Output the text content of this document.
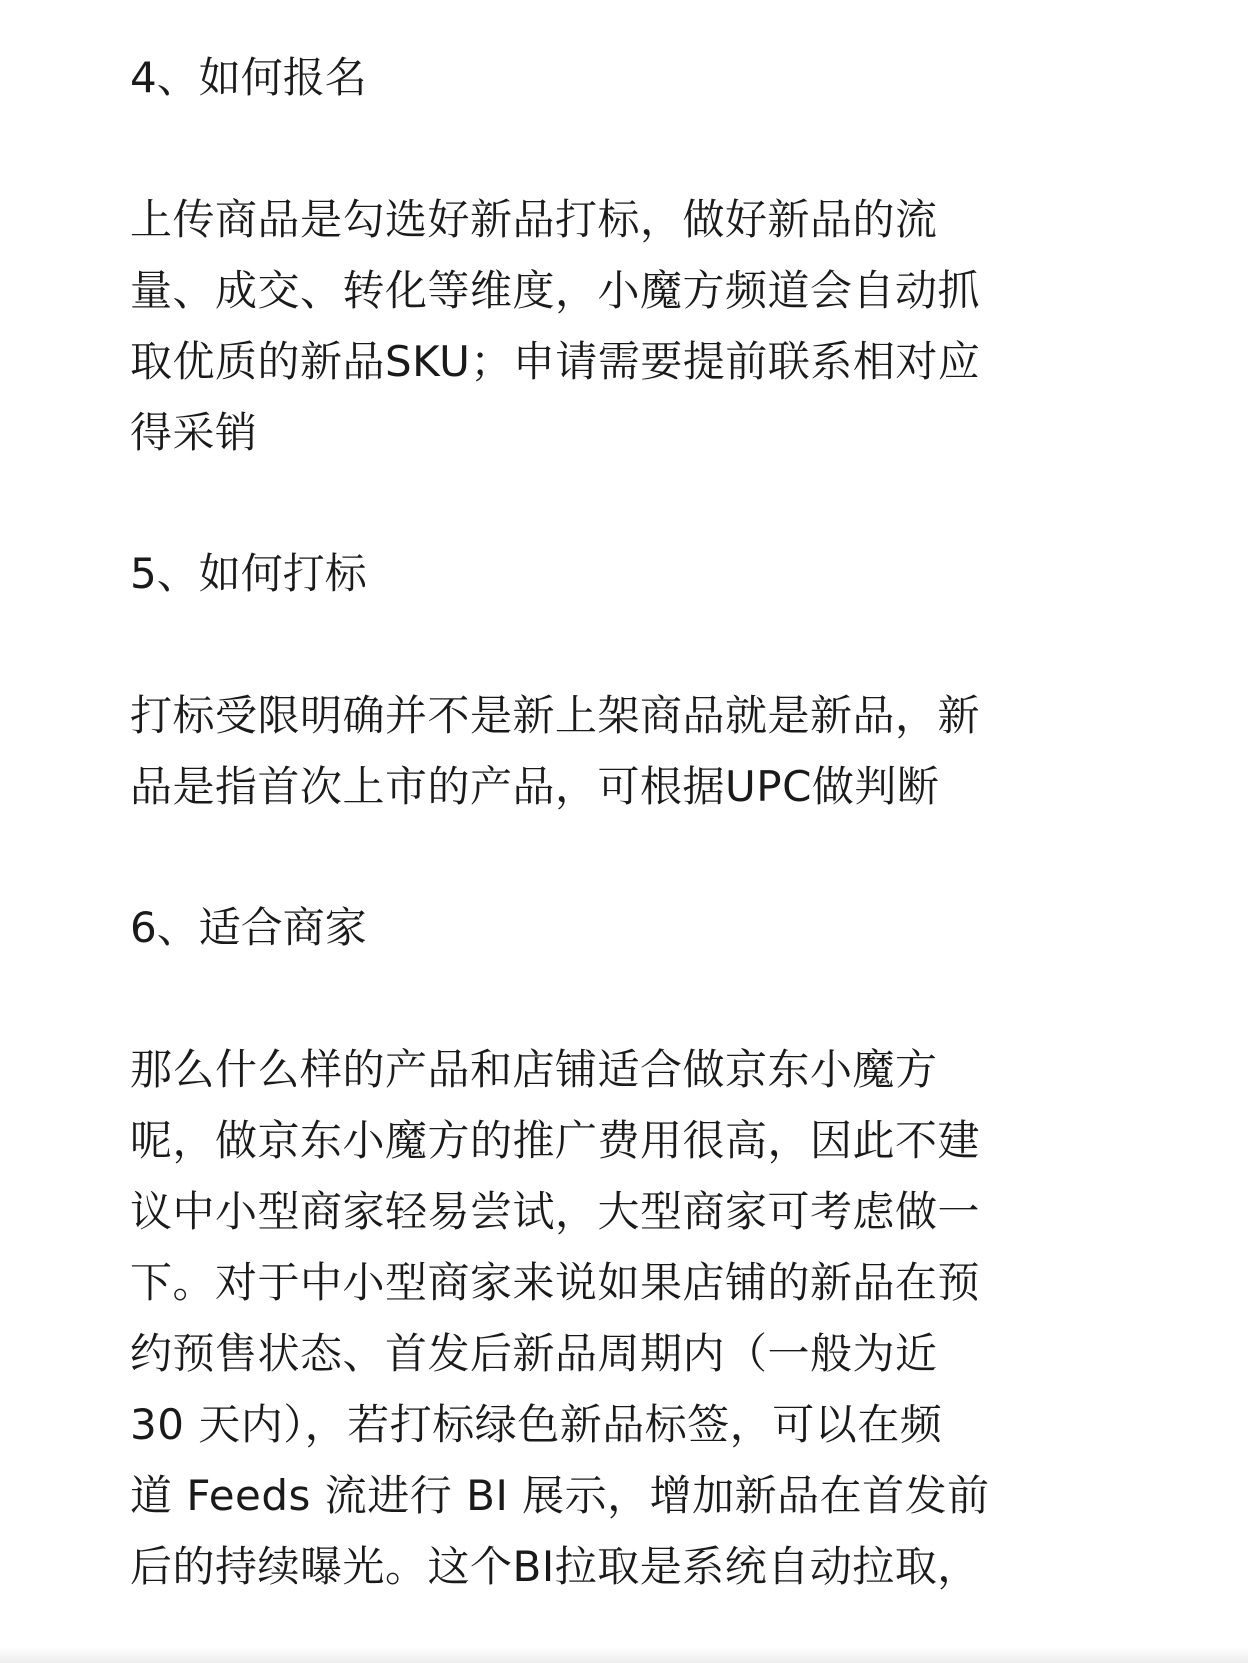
4、如何报名

上传商品是勾选好新品打标，做好新品的流
量、成交、转化等维度，小魔方频道会自动抓
取优质的新品SKU；申请需要提前联系相对应
得采销

5、如何打标

打标受限明确并不是新上架商品就是新品，新
品是指首次上市的产品，可根据UPC做判断

6、适合商家

那么什么样的产品和店铺适合做京东小魔方
呢，做京东小魔方的推广费用很高，因此不建
议中小型商家轻易尝试，大型商家可考虑做一
下。对于中小型商家来说如果店铺的新品在预
约预售状态、首发后新品周期内（一般为近
30 天内），若打标绿色新品标签，可以在频
道 Feeds 流进行 BI 展示，增加新品在首发前
后的持续曝光。这个BI拉取是系统自动拉取，
